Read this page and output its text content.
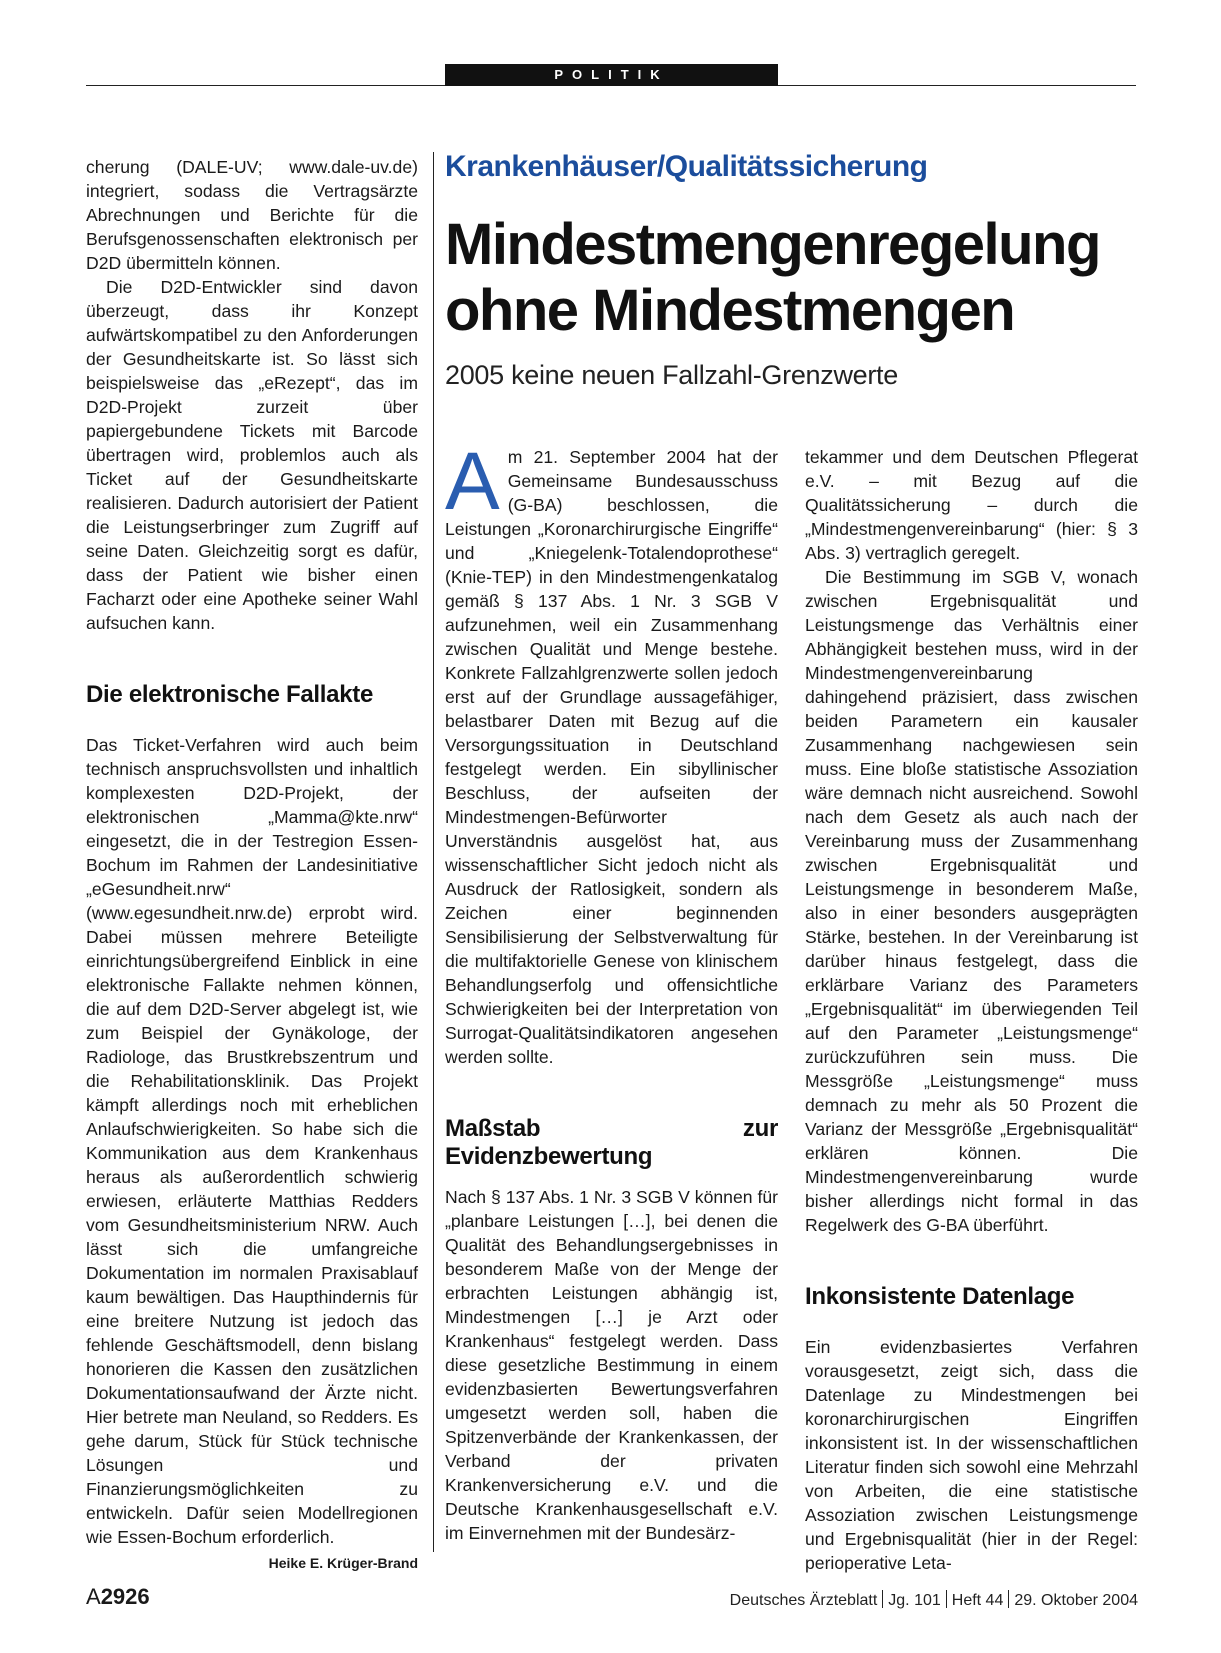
POLITIK

cherung (DALE-UV; www.dale-uv.de) integriert, sodass die Vertragsärzte Abrechnungen und Berichte für die Berufsgenossenschaften elektronisch per D2D übermitteln können.

Die D2D-Entwickler sind davon überzeugt, dass ihr Konzept aufwärtskompatibel zu den Anforderungen der Gesundheitskarte ist. So lässt sich beispielsweise das „eRezept“, das im D2D-Projekt zurzeit über papiergebundene Tickets mit Barcode übertragen wird, problemlos auch als Ticket auf der Gesundheitskarte realisieren. Dadurch autorisiert der Patient die Leistungserbringer zum Zugriff auf seine Daten. Gleichzeitig sorgt es dafür, dass der Patient wie bisher einen Facharzt oder eine Apotheke seiner Wahl aufsuchen kann.

Die elektronische Fallakte

Das Ticket-Verfahren wird auch beim technisch anspruchsvollsten und inhaltlich komplexesten D2D-Projekt, der elektronischen „Mamma@kte.nrw“ eingesetzt, die in der Testregion Essen-Bochum im Rahmen der Landesinitiative „eGesundheit.nrw“ (www.egesundheit.nrw.de) erprobt wird. Dabei müssen mehrere Beteiligte einrichtungsübergreifend Einblick in eine elektronische Fallakte nehmen können, die auf dem D2D-Server abgelegt ist, wie zum Beispiel der Gynäkologe, der Radiologe, das Brustkrebszentrum und die Rehabilitationsklinik. Das Projekt kämpft allerdings noch mit erheblichen Anlaufschwierigkeiten. So habe sich die Kommunikation aus dem Krankenhaus heraus als außerordentlich schwierig erwiesen, erläuterte Matthias Redders vom Gesundheitsministerium NRW. Auch lässt sich die umfangreiche Dokumentation im normalen Praxisablauf kaum bewältigen. Das Haupthindernis für eine breitere Nutzung ist jedoch das fehlende Geschäftsmodell, denn bislang honorieren die Kassen den zusätzlichen Dokumentationsaufwand der Ärzte nicht. Hier betrete man Neuland, so Redders. Es gehe darum, Stück für Stück technische Lösungen und Finanzierungsmöglichkeiten zu entwickeln. Dafür seien Modellregionen wie Essen-Bochum erforderlich.
Heike E. Krüger-Brand

Krankenhäuser/Qualitätssicherung
Mindestmengenregelung
ohne Mindestmengen
2005 keine neuen Fallzahl-Grenzwerte

Am 21. September 2004 hat der Gemeinsame Bundesausschuss (G-BA) beschlossen, die Leistungen „Koronarchirurgische Eingriffe“ und „Kniegelenk-Totalendoprothese“ (Knie-TEP) in den Mindestmengenkatalog gemäß § 137 Abs. 1 Nr. 3 SGB V aufzunehmen, weil ein Zusammenhang zwischen Qualität und Menge bestehe. Konkrete Fallzahlgrenzwerte sollen jedoch erst auf der Grundlage aussagefähiger, belastbarer Daten mit Bezug auf die Versorgungssituation in Deutschland festgelegt werden. Ein sibyllinischer Beschluss, der aufseiten der Mindestmengen-Befürworter Unverständnis ausgelöst hat, aus wissenschaftlicher Sicht jedoch nicht als Ausdruck der Ratlosigkeit, sondern als Zeichen einer beginnenden Sensibilisierung der Selbstverwaltung für die multifaktorielle Genese von klinischem Behandlungserfolg und offensichtliche Schwierigkeiten bei der Interpretation von Surrogat-Qualitätsindikatoren angesehen werden sollte.

Maßstab zur Evidenzbewertung

Nach § 137 Abs. 1 Nr. 3 SGB V können für „planbare Leistungen […], bei denen die Qualität des Behandlungsergebnisses in besonderem Maße von der Menge der erbrachten Leistungen abhängig ist, Mindestmengen […] je Arzt oder Krankenhaus“ festgelegt werden. Dass diese gesetzliche Bestimmung in einem evidenzbasierten Bewertungsverfahren umgesetzt werden soll, haben die Spitzenverbände der Krankenkassen, der Verband der privaten Krankenversicherung e.V. und die Deutsche Krankenhausgesellschaft e.V. im Einvernehmen mit der Bundesärz-

tekammer und dem Deutschen Pflegerat e.V. – mit Bezug auf die Qualitätssicherung – durch die „Mindestmengenvereinbarung“ (hier: § 3 Abs. 3) vertraglich geregelt.

Die Bestimmung im SGB V, wonach zwischen Ergebnisqualität und Leistungsmenge das Verhältnis einer Abhängigkeit bestehen muss, wird in der Mindestmengenvereinbarung dahingehend präzisiert, dass zwischen beiden Parametern ein kausaler Zusammenhang nachgewiesen sein muss. Eine bloße statistische Assoziation wäre demnach nicht ausreichend. Sowohl nach dem Gesetz als auch nach der Vereinbarung muss der Zusammenhang zwischen Ergebnisqualität und Leistungsmenge in besonderem Maße, also in einer besonders ausgeprägten Stärke, bestehen. In der Vereinbarung ist darüber hinaus festgelegt, dass die erklärbare Varianz des Parameters „Ergebnisqualität“ im überwiegenden Teil auf den Parameter „Leistungsmenge“ zurückzuführen sein muss. Die Messgröße „Leistungsmenge“ muss demnach zu mehr als 50 Prozent die Varianz der Messgröße „Ergebnisqualität“ erklären können. Die Mindestmengenvereinbarung wurde bisher allerdings nicht formal in das Regelwerk des G-BA überführt.

Inkonsistente Datenlage

Ein evidenzbasiertes Verfahren vorausgesetzt, zeigt sich, dass die Datenlage zu Mindestmengen bei koronarchirurgischen Eingriffen inkonsistent ist. In der wissenschaftlichen Literatur finden sich sowohl eine Mehrzahl von Arbeiten, die eine statistische Assoziation zwischen Leistungsmenge und Ergebnisqualität (hier in der Regel: perioperative Leta-

A2926	Deutsches Ärzteblatt Jg. 101 Heft 44 29. Oktober 2004
